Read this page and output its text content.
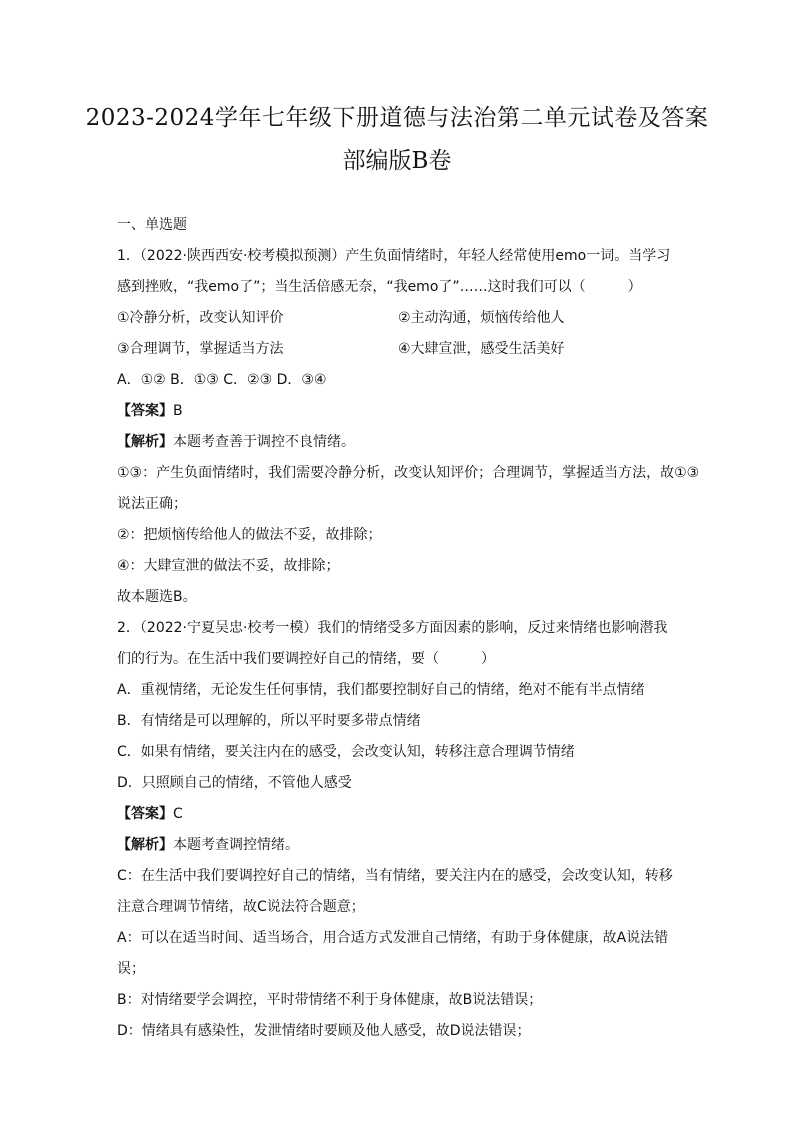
2023-2024学年七年级下册道德与法治第二单元试卷及答案
部编版B卷
一、单选题
1．（2022·陕西西安·校考模拟预测）产生负面情绪时，年轻人经常使用emo一词。当学习
感到挫败，“我emo了”；当生活倍感无奈，“我emo了”……这时我们可以（　　　）
①冷静分析，改变认知评价	②主动沟通，烦恼传给他人
③合理调节，掌握适当方法	④大肆宣泄，感受生活美好
A．①② B．①③ C．②③ D．③④
【答案】B
【解析】本题考查善于调控不良情绪。
①③：产生负面情绪时，我们需要冷静分析，改变认知评价；合理调节，掌握适当方法，故①③
说法正确；
②：把烦恼传给他人的做法不妥，故排除；
④：大肆宣泄的做法不妥，故排除；
故本题选B。
2．（2022·宁夏吴忠·校考一模）我们的情绪受多方面因素的影响，反过来情绪也影响潜我
们的行为。在生活中我们要调控好自己的情绪，要（　　　）
A．重视情绪，无论发生任何事情，我们都要控制好自己的情绪，绝对不能有半点情绪
B．有情绪是可以理解的，所以平时要多带点情绪
C．如果有情绪，要关注内在的感受，会改变认知，转移注意合理调节情绪
D．只照顾自己的情绪，不管他人感受
【答案】C
【解析】本题考查调控情绪。
C：在生活中我们要调控好自己的情绪，当有情绪，要关注内在的感受，会改变认知，转移
注意合理调节情绪，故C说法符合题意；
A：可以在适当时间、适当场合，用合适方式发泄自己情绪，有助于身体健康，故A说法错
误；
B：对情绪要学会调控，平时带情绪不利于身体健康，故B说法错误；
D：情绪具有感染性，发泄情绪时要顾及他人感受，故D说法错误；
